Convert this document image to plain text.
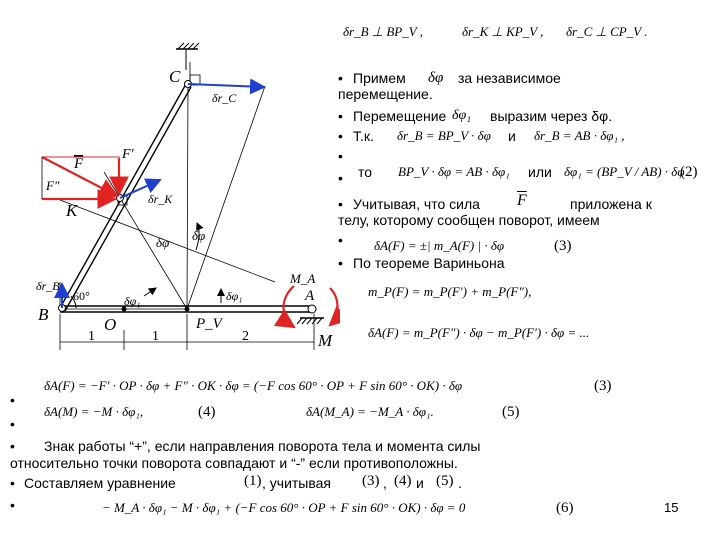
δr_B ⊥ BP_V ,	δr_K ⊥ KP_V , δr_C ⊥ CP_V .
• Примем δφ за независимое
перемещение.
• Перемещение δφ₁ выразим через δφ.
• Т.к. δr_B = BP_V · δφ и δr_B = AB · δφ₁ ,
•
• то BP_V · δφ = AB · δφ₁ или δφ₁ = (BP_V / AB) · δφ
(2)
• Учитывая, что сила $\overline{F}$	приложена к
телу, которому сообщен поворот, имеем
• δA(F) = ±| m_A(F) | · δφ	(3)
• По теореме Вариньона
m_P(F) = m_P(F′) + m_P(F″),
δA(F) = m_P(F″) · δφ − m_P(F′) · δφ = ...
•
δA(F) = −F′ · OP · δφ + F″ · OK · δφ = (−F cos 60° · OP + F sin 60° · OK) · δφ	(3)
•
δA(M) = −M · δφ₁,	(4)	δA(M_A) = −M_A · δφ₁.	(5)
• Знак работы “+”, если направления поворота тела и момента силы
относительно точки поворота совпадают и “-” если противоположны.
• Составляем уравнение	(1) , учитывая (3) , (4) и (5) .
•	− M_A · δφ₁ − M · δφ₁ + (−F cos 60° · OP + F sin 60° · OK) · δφ = 0	(6)	15
C
K
B
O
A
M
M_A
P_V
F
F′
F″
δr_C
δr_K
δr_B
δφ δφ
δφ₁
δφ₁
60°
1	1	2
